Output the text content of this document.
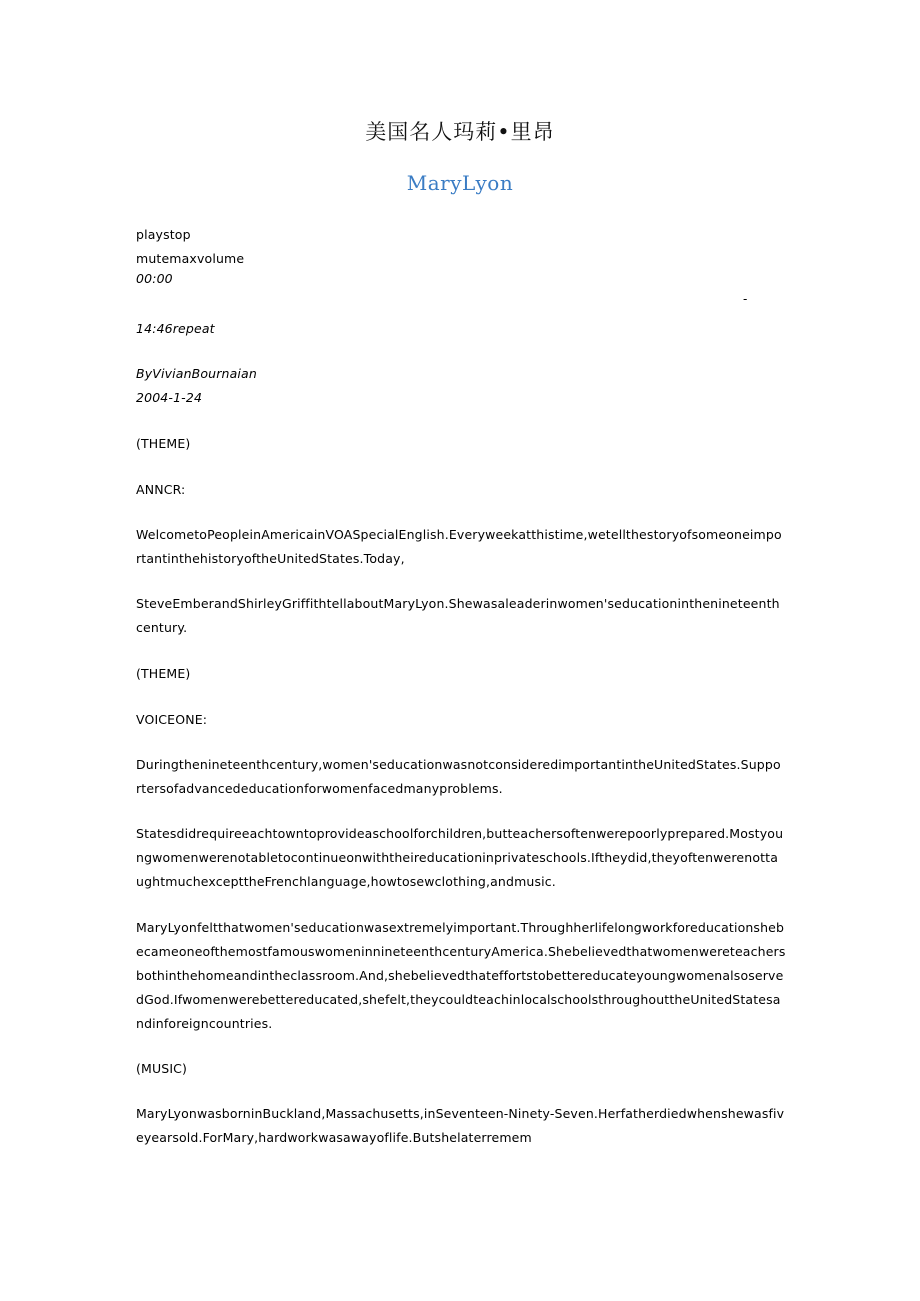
美国名人玛莉•里昂
MaryLyon
playstop
mutemaxvolume
00:00
-
14:46repeat
ByVivianBournaian
2004-1-24
(THEME)
ANNCR:
WelcometoPeopleinAmericainVOASpecialEnglish.Everyweekatthistime,wetellthestoryofsomeoneimportantinthehistoryoftheUnitedStates.Today,
SteveEmberandShirleyGriffithtellaboutMaryLyon.Shewasaleaderinwomen'seducationinthenineteenthcentury.
(THEME)
VOICEONE:
Duringthenineteenthcentury,women'seducationwasnotconsideredimportantintheUnitedStates.Supportersofadvancededucationforwomenfacedmanyproblems.
Statesdidrequireeachtowntoprovideaschoolforchildren,butteachersoftenwerepoorlyprepared.Mostyoungwomenwerenotabletocontinueonwiththeireducationinprivateschools.Iftheydid,theyoftenwerenottaughtmuchexcepttheFrenchlanguage,howtosewclothing,andmusic.
MaryLyonfeltthatwomen'seducationwasextremelyimportant.ThroughherlifelongworkforeducationshebecameoneofthemostfamouswomeninnineteenthcenturyAmerica.Shebelievedthatwomenwereteachersbothinthehomeandintheclassroom.And,shebelievedthateffortstobettereducateyoungwomenalsoservedGod.Ifwomenwerebettereducated,shefelt,theycouldteachinlocalschoolsthroughouttheUnitedStatesandinforeigncountries.
(MUSIC)
MaryLyonwasborninBuckland,Massachusetts,inSeventeen-Ninety-Seven.Herfatherdiedwhenshewasfiveyearsold.ForMary,hardworkwasawayoflife.Butshelaterremem
